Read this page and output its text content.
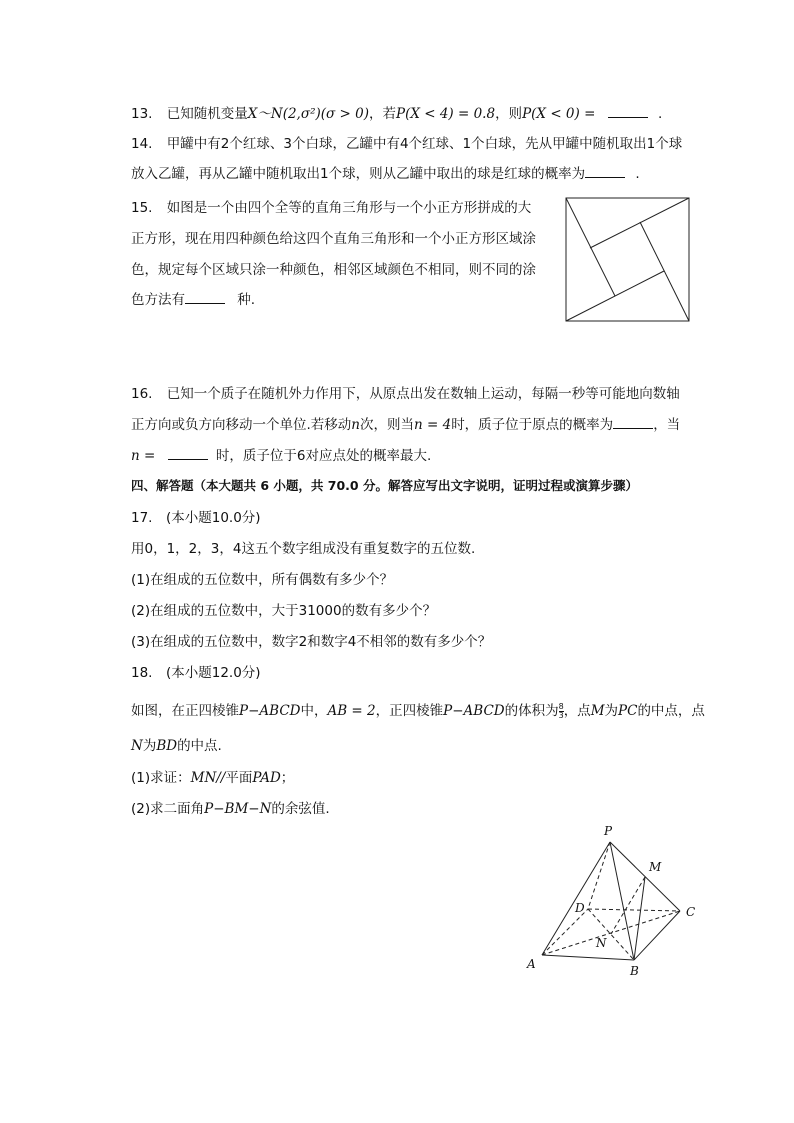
13. 已知随机变量X～N(2,σ²)(σ > 0)，若P(X < 4) = 0.8，则P(X < 0) =	.
14. 甲罐中有2个红球、3个白球，乙罐中有4个红球、1个白球，先从甲罐中随机取出1个球
放入乙罐，再从乙罐中随机取出1个球，则从乙罐中取出的球是红球的概率为	.
15. 如图是一个由四个全等的直角三角形与一个小正方形拼成的大
正方形，现在用四种颜色给这四个直角三角形和一个小正方形区域涂
色，规定每个区域只涂一种颜色，相邻区域颜色不相同，则不同的涂
色方法有	种.
16. 已知一个质子在随机外力作用下，从原点出发在数轴上运动，每隔一秒等可能地向数轴
正方向或负方向移动一个单位.若移动n次，则当n = 4时，质子位于原点的概率为	，当
n =	时，质子位于6对应点处的概率最大.
四、解答题（本大题共 6 小题，共 70.0 分。解答应写出文字说明，证明过程或演算步骤）
17.　(本小题10.0分)
用0，1，2，3，4这五个数字组成没有重复数字的五位数.
(1)在组成的五位数中，所有偶数有多少个？
(2)在组成的五位数中，大于31000的数有多少个？
(3)在组成的五位数中，数字2和数字4不相邻的数有多少个？
18.　(本小题12.0分)
如图，在正四棱锥P−ABCD中，AB = 2，正四棱锥P−ABCD的体积为 $\frac{8}{3}$ ，点M为PC的中点，点
N为BD的中点.
(1)求证：MN//平面PAD；
(2)求二面角P−BM−N的余弦值.
P
M
D	C
N
A	B
